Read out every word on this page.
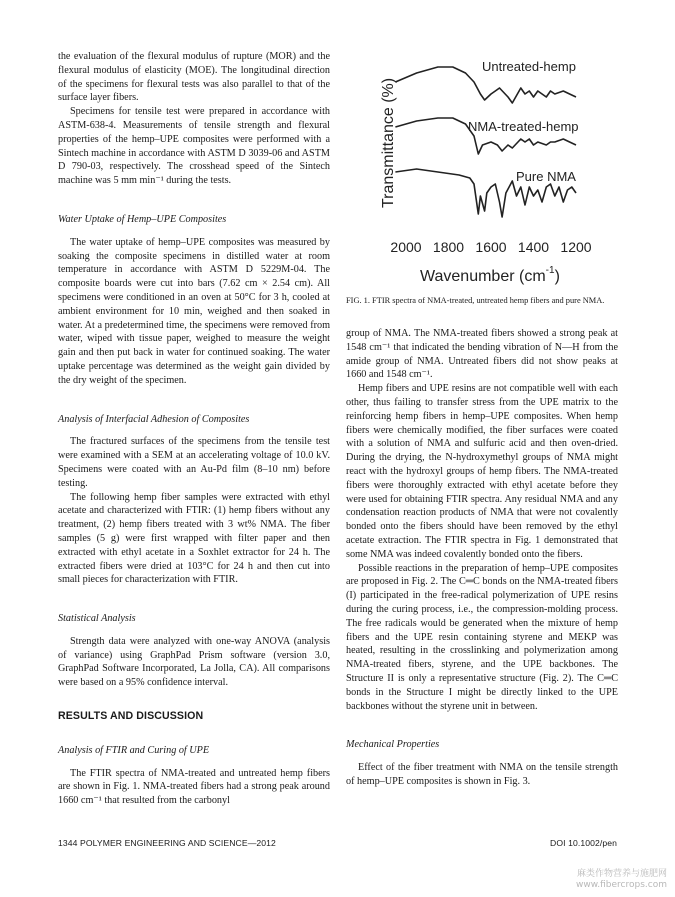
the evaluation of the flexural modulus of rupture (MOR) and the flexural modulus of elasticity (MOE). The longitudinal direction of the specimens for flexural tests was also parallel to that of the surface layer fibers.

Specimens for tensile test were prepared in accordance with ASTM-638-4. Measurements of tensile strength and flexural properties of the hemp–UPE composites were performed with a Sintech machine in accordance with ASTM D 3039-06 and ASTM D 790-03, respectively. The crosshead speed of the Sintech machine was 5 mm min⁻¹ during the tests.

Water Uptake of Hemp–UPE Composites

The water uptake of hemp–UPE composites was measured by soaking the composite specimens in distilled water at room temperature in accordance with ASTM D 5229M-04. The composite boards were cut into bars (7.62 cm × 2.54 cm). All specimens were conditioned in an oven at 50°C for 3 h, cooled at ambient environment for 10 min, weighed and then soaked in water. At a predetermined time, the specimens were removed from water, wiped with tissue paper, weighed to measure the weight gain and then put back in water for continued soaking. The water uptake percentage was determined as the weight gain divided by the dry weight of the specimen.

Analysis of Interfacial Adhesion of Composites

The fractured surfaces of the specimens from the tensile test were examined with a SEM at an accelerating voltage of 10.0 kV. Specimens were coated with an Au-Pd film (8–10 nm) before testing.

The following hemp fiber samples were extracted with ethyl acetate and characterized with FTIR: (1) hemp fibers without any treatment, (2) hemp fibers treated with 3 wt% NMA. The fiber samples (5 g) were first wrapped with filter paper and then extracted with ethyl acetate in a Soxhlet extractor for 24 h. The extracted fibers were dried at 103°C for 24 h and then cut into small pieces for characterization with FTIR.

Statistical Analysis

Strength data were analyzed with one-way ANOVA (analysis of variance) using GraphPad Prism software (version 3.0, GraphPad Software Incorporated, La Jolla, CA). All comparisons were based on a 95% confidence interval.

RESULTS AND DISCUSSION

Analysis of FTIR and Curing of UPE

The FTIR spectra of NMA-treated and untreated hemp fibers are shown in Fig. 1. NMA-treated fibers had a strong peak around 1660 cm⁻¹ that resulted from the carbonyl

Transmittance (%)
2000 1800 1600 1400 1200
Untreated-hemp
NMA-treated-hemp
Pure NMA
Wavenumber $(cm^{-1})$
FIG. 1. FTIR spectra of NMA-treated, untreated hemp fibers and pure NMA.

group of NMA. The NMA-treated fibers showed a strong peak at 1548 cm⁻¹ that indicated the bending vibration of N—H from the amide group of NMA. Untreated fibers did not show peaks at 1660 and 1548 cm⁻¹.

Hemp fibers and UPE resins are not compatible well with each other, thus failing to transfer stress from the UPE matrix to the reinforcing hemp fibers in hemp–UPE composites. When hemp fibers were chemically modified, the fiber surfaces were coated with a solution of NMA and sulfuric acid and then oven-dried. During the drying, the N-hydroxymethyl groups of NMA might react with the hydroxyl groups of hemp fibers. The NMA-treated fibers were thoroughly extracted with ethyl acetate before they were used for obtaining FTIR spectra. Any residual NMA and any condensation reaction products of NMA that were not covalently bonded onto the fibers should have been removed by the ethyl acetate extraction. The FTIR spectra in Fig. 1 demonstrated that some NMA was indeed covalently bonded onto the fibers.

Possible reactions in the preparation of hemp–UPE composites are proposed in Fig. 2. The C═C bonds on the NMA-treated fibers (I) participated in the free-radical polymerization of UPE resins during the curing process, i.e., the compression-molding process. The free radicals would be generated when the mixture of hemp fibers and the UPE resin containing styrene and MEKP was heated, resulting in the crosslinking and polymerization among NMA-treated fibers, styrene, and the UPE backbones. The Structure II is only a representative structure (Fig. 2). The C═C bonds in the Structure I might be directly linked to the UPE backbones without the styrene unit in between.

Mechanical Properties

Effect of the fiber treatment with NMA on the tensile strength of hemp–UPE composites is shown in Fig. 3.

1344 POLYMER ENGINEERING AND SCIENCE—2012	DOI 10.1002/pen
麻类作物营养与施肥网
www.fibercrops.com
